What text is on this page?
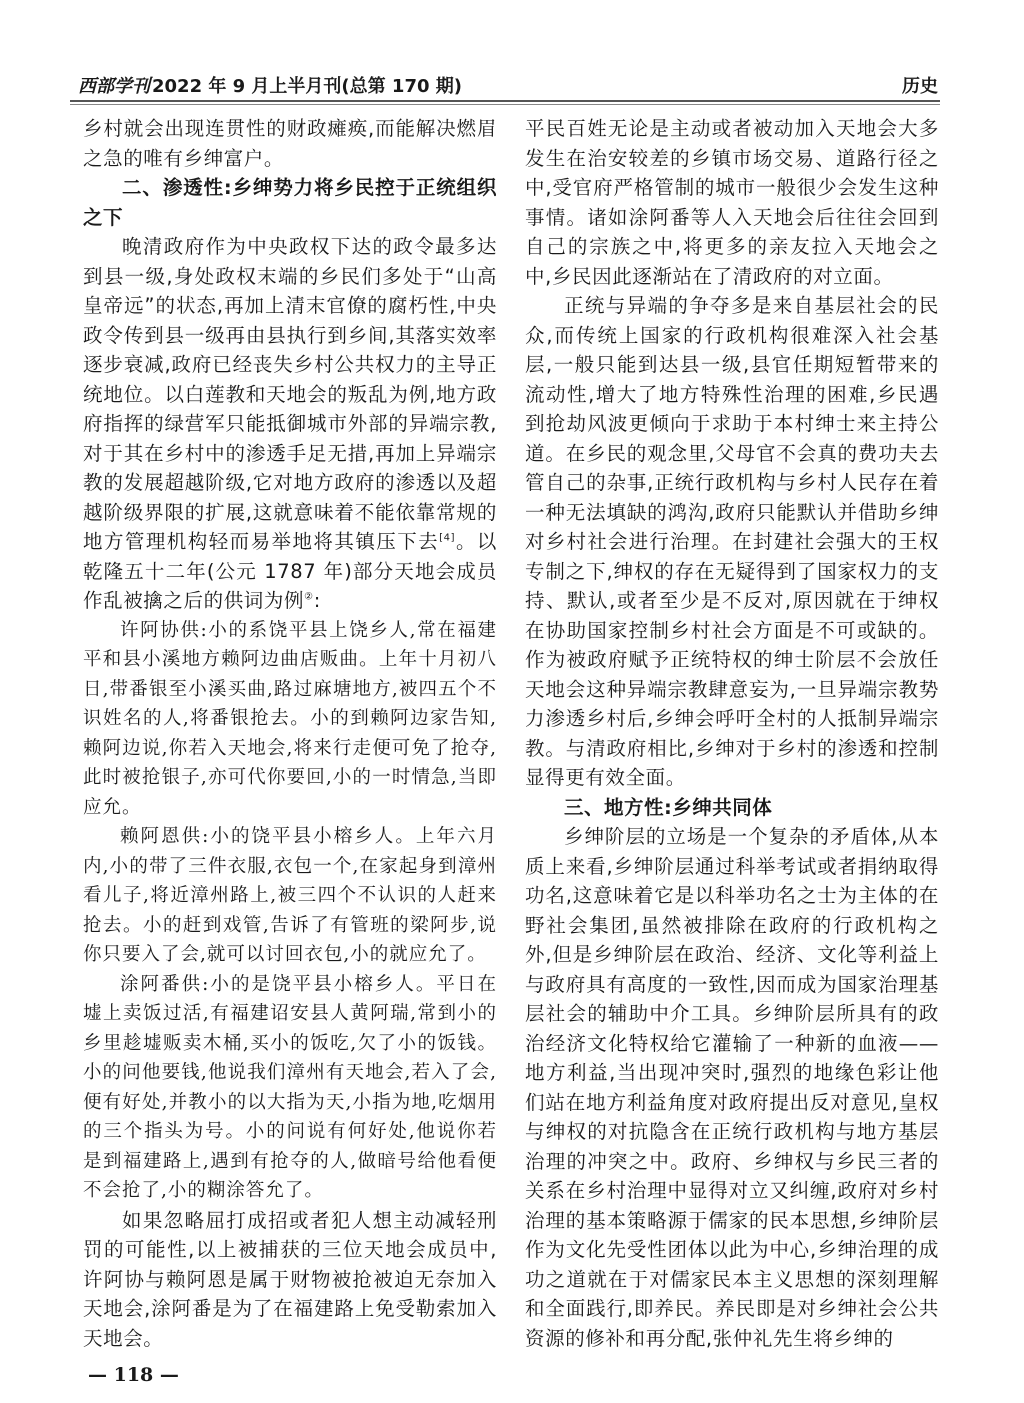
西部学刊 2022 年 9 月上半月刊(总第 170 期)	历史

乡村就会出现连贯性的财政瘫痪,而能解决燃眉之急的唯有乡绅富户。

二、渗透性:乡绅势力将乡民控于正统组织之下

晚清政府作为中央政权下达的政令最多达到县一级,身处政权末端的乡民们多处于“山高皇帝远”的状态,再加上清末官僚的腐朽性,中央政令传到县一级再由县执行到乡间,其落实效率逐步衰减,政府已经丧失乡村公共权力的主导正统地位。以白莲教和天地会的叛乱为例,地方政府指挥的绿营军只能抵御城市外部的异端宗教,对于其在乡村中的渗透手足无措,再加上异端宗教的发展超越阶级,它对地方政府的渗透以及超越阶级界限的扩展,这就意味着不能依靠常规的地方管理机构轻而易举地将其镇压下去[4]。以乾隆五十二年(公元 1787 年)部分天地会成员作乱被擒之后的供词为例②:

许阿协供:小的系饶平县上饶乡人,常在福建平和县小溪地方赖阿边曲店贩曲。上年十月初八日,带番银至小溪买曲,路过麻塘地方,被四五个不识姓名的人,将番银抢去。小的到赖阿边家告知,赖阿边说,你若入天地会,将来行走便可免了抢夺,此时被抢银子,亦可代你要回,小的一时情急,当即应允。

赖阿恩供:小的饶平县小榕乡人。上年六月内,小的带了三件衣服,衣包一个,在家起身到漳州看儿子,将近漳州路上,被三四个不认识的人赶来抢去。小的赶到戏管,告诉了有管班的梁阿步,说你只要入了会,就可以讨回衣包,小的就应允了。

涂阿番供:小的是饶平县小榕乡人。平日在墟上卖饭过活,有福建诏安县人黄阿瑞,常到小的乡里趁墟贩卖木桶,买小的饭吃,欠了小的饭钱。小的问他要钱,他说我们漳州有天地会,若入了会,便有好处,并教小的以大指为天,小指为地,吃烟用的三个指头为号。小的问说有何好处,他说你若是到福建路上,遇到有抢夺的人,做暗号给他看便不会抢了,小的糊涂答允了。

如果忽略屈打成招或者犯人想主动减轻刑罚的可能性,以上被捕获的三位天地会成员中,许阿协与赖阿恩是属于财物被抢被迫无奈加入天地会,涂阿番是为了在福建路上免受勒索加入天地会。

平民百姓无论是主动或者被动加入天地会大多发生在治安较差的乡镇市场交易、道路行径之中,受官府严格管制的城市一般很少会发生这种事情。诸如涂阿番等人入天地会后往往会回到自己的宗族之中,将更多的亲友拉入天地会之中,乡民因此逐渐站在了清政府的对立面。

正统与异端的争夺多是来自基层社会的民众,而传统上国家的行政机构很难深入社会基层,一般只能到达县一级,县官任期短暂带来的流动性,增大了地方特殊性治理的困难,乡民遇到抢劫风波更倾向于求助于本村绅士来主持公道。在乡民的观念里,父母官不会真的费功夫去管自己的杂事,正统行政机构与乡村人民存在着一种无法填缺的鸿沟,政府只能默认并借助乡绅对乡村社会进行治理。在封建社会强大的王权专制之下,绅权的存在无疑得到了国家权力的支持、默认,或者至少是不反对,原因就在于绅权在协助国家控制乡村社会方面是不可或缺的。作为被政府赋予正统特权的绅士阶层不会放任天地会这种异端宗教肆意妄为,一旦异端宗教势力渗透乡村后,乡绅会呼吁全村的人抵制异端宗教。与清政府相比,乡绅对于乡村的渗透和控制显得更有效全面。

三、地方性:乡绅共同体

乡绅阶层的立场是一个复杂的矛盾体,从本质上来看,乡绅阶层通过科举考试或者捐纳取得功名,这意味着它是以科举功名之士为主体的在野社会集团,虽然被排除在政府的行政机构之外,但是乡绅阶层在政治、经济、文化等利益上与政府具有高度的一致性,因而成为国家治理基层社会的辅助中介工具。乡绅阶层所具有的政治经济文化特权给它灌输了一种新的血液——地方利益,当出现冲突时,强烈的地缘色彩让他们站在地方利益角度对政府提出反对意见,皇权与绅权的对抗隐含在正统行政机构与地方基层治理的冲突之中。政府、乡绅权与乡民三者的关系在乡村治理中显得对立又纠缠,政府对乡村治理的基本策略源于儒家的民本思想,乡绅阶层作为文化先受性团体以此为中心,乡绅治理的成功之道就在于对儒家民本主义思想的深刻理解和全面践行,即养民。养民即是对乡绅社会公共资源的修补和再分配,张仲礼先生将乡绅的

— 118 —
